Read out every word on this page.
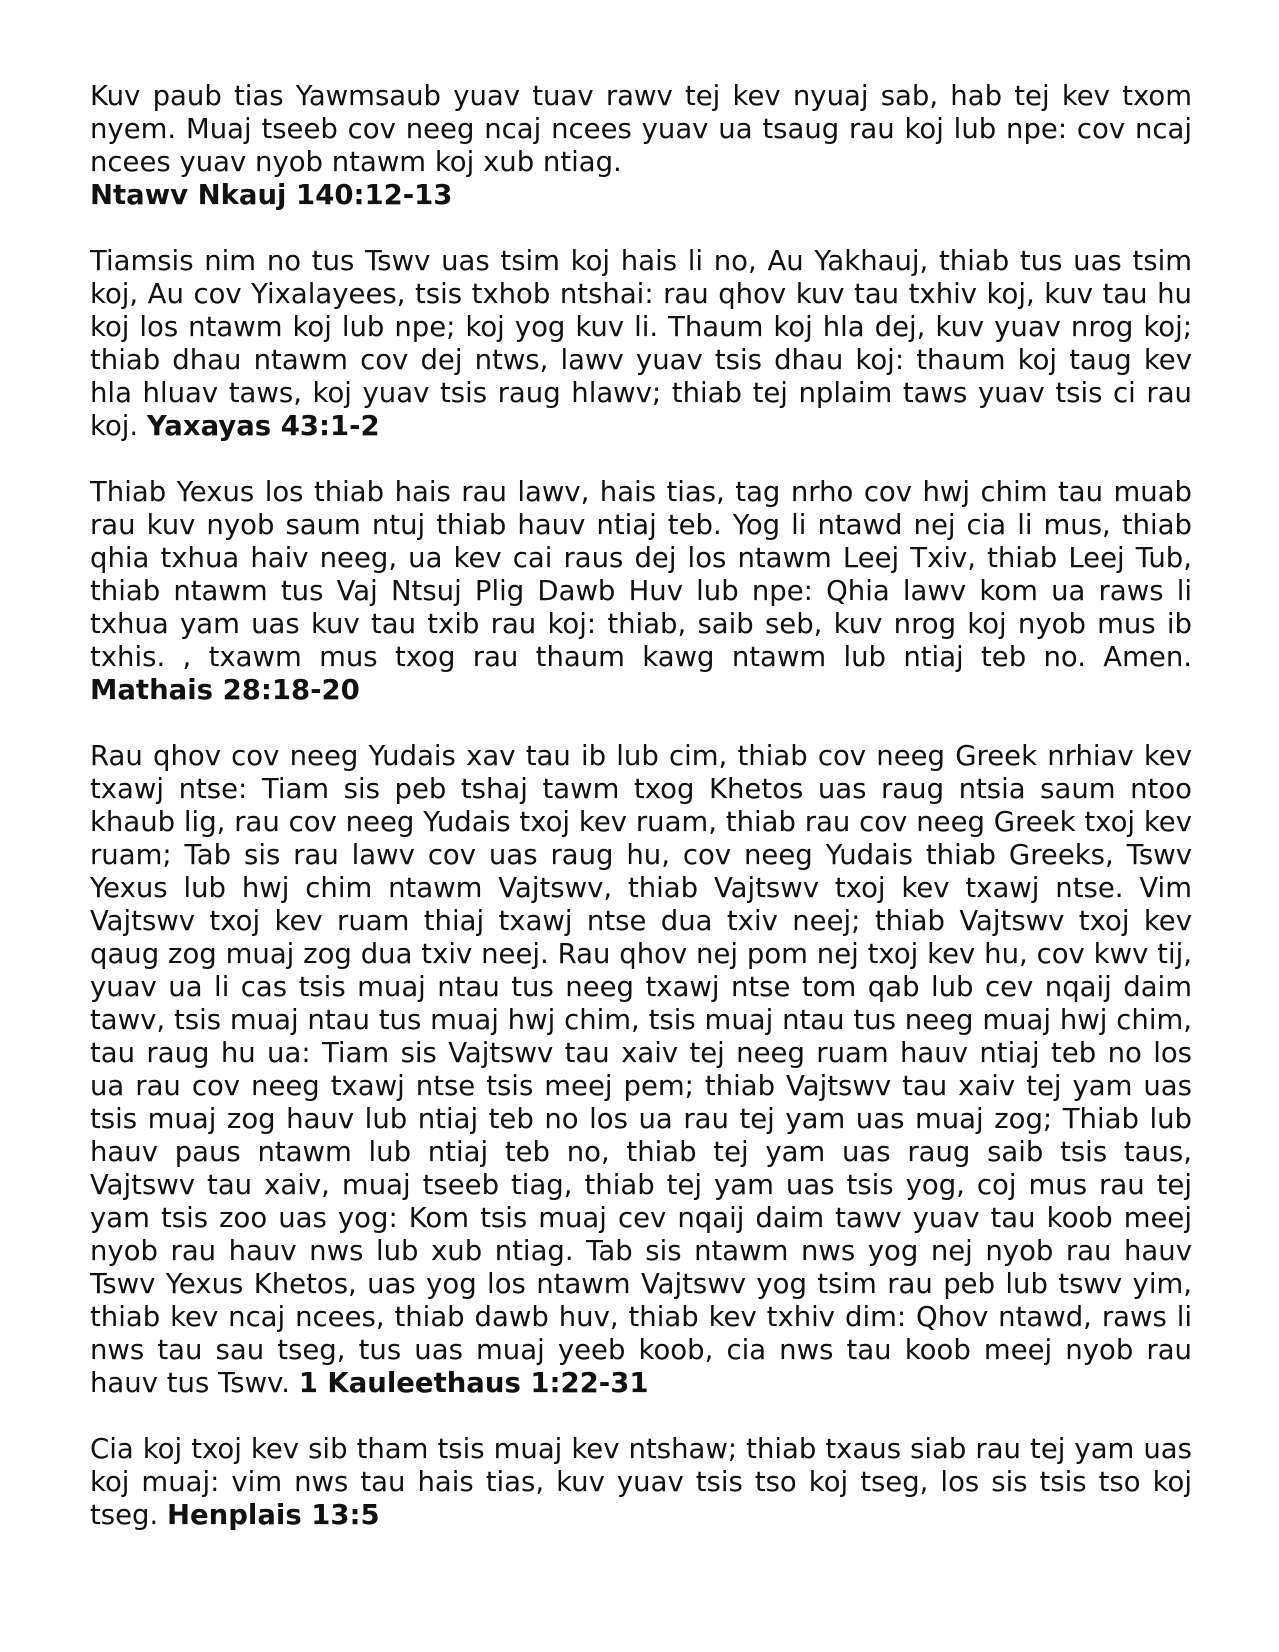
Kuv paub tias Yawmsaub yuav tuav rawv tej kev nyuaj sab, hab tej kev txom nyem. Muaj tseeb cov neeg ncaj ncees yuav ua tsaug rau koj lub npe: cov ncaj ncees yuav nyob ntawm koj xub ntiag.
Ntawv Nkauj 140:12-13

Tiamsis nim no tus Tswv uas tsim koj hais li no, Au Yakhauj, thiab tus uas tsim koj, Au cov Yixalayees, tsis txhob ntshai: rau qhov kuv tau txhiv koj, kuv tau hu koj los ntawm koj lub npe; koj yog kuv li. Thaum koj hla dej, kuv yuav nrog koj; thiab dhau ntawm cov dej ntws, lawv yuav tsis dhau koj: thaum koj taug kev hla hluav taws, koj yuav tsis raug hlawv; thiab tej nplaim taws yuav tsis ci rau koj. Yaxayas 43:1-2

Thiab Yexus los thiab hais rau lawv, hais tias, tag nrho cov hwj chim tau muab rau kuv nyob saum ntuj thiab hauv ntiaj teb. Yog li ntawd nej cia li mus, thiab qhia txhua haiv neeg, ua kev cai raus dej los ntawm Leej Txiv, thiab Leej Tub, thiab ntawm tus Vaj Ntsuj Plig Dawb Huv lub npe: Qhia lawv kom ua raws li txhua yam uas kuv tau txib rau koj: thiab, saib seb, kuv nrog koj nyob mus ib txhis. , txawm mus txog rau thaum kawg ntawm lub ntiaj teb no. Amen. Mathais 28:18-20

Rau qhov cov neeg Yudais xav tau ib lub cim, thiab cov neeg Greek nrhiav kev txawj ntse: Tiam sis peb tshaj tawm txog Khetos uas raug ntsia saum ntoo khaub lig, rau cov neeg Yudais txoj kev ruam, thiab rau cov neeg Greek txoj kev ruam; Tab sis rau lawv cov uas raug hu, cov neeg Yudais thiab Greeks, Tswv Yexus lub hwj chim ntawm Vajtswv, thiab Vajtswv txoj kev txawj ntse. Vim Vajtswv txoj kev ruam thiaj txawj ntse dua txiv neej; thiab Vajtswv txoj kev qaug zog muaj zog dua txiv neej. Rau qhov nej pom nej txoj kev hu, cov kwv tij, yuav ua li cas tsis muaj ntau tus neeg txawj ntse tom qab lub cev nqaij daim tawv, tsis muaj ntau tus muaj hwj chim, tsis muaj ntau tus neeg muaj hwj chim, tau raug hu ua: Tiam sis Vajtswv tau xaiv tej neeg ruam hauv ntiaj teb no los ua rau cov neeg txawj ntse tsis meej pem; thiab Vajtswv tau xaiv tej yam uas tsis muaj zog hauv lub ntiaj teb no los ua rau tej yam uas muaj zog; Thiab lub hauv paus ntawm lub ntiaj teb no, thiab tej yam uas raug saib tsis taus, Vajtswv tau xaiv, muaj tseeb tiag, thiab tej yam uas tsis yog, coj mus rau tej yam tsis zoo uas yog: Kom tsis muaj cev nqaij daim tawv yuav tau koob meej nyob rau hauv nws lub xub ntiag. Tab sis ntawm nws yog nej nyob rau hauv Tswv Yexus Khetos, uas yog los ntawm Vajtswv yog tsim rau peb lub tswv yim, thiab kev ncaj ncees, thiab dawb huv, thiab kev txhiv dim: Qhov ntawd, raws li nws tau sau tseg, tus uas muaj yeeb koob, cia nws tau koob meej nyob rau hauv tus Tswv. 1 Kauleethaus 1:22-31

Cia koj txoj kev sib tham tsis muaj kev ntshaw; thiab txaus siab rau tej yam uas koj muaj: vim nws tau hais tias, kuv yuav tsis tso koj tseg, los sis tsis tso koj tseg. Henplais 13:5
